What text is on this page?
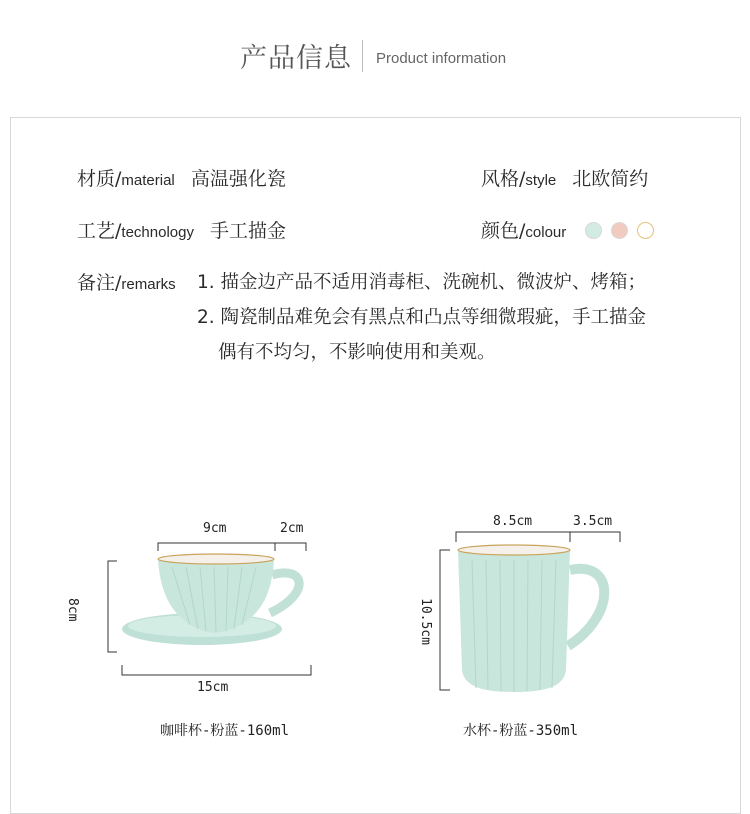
产品信息 Product information
材质/material 高温强化瓷	风格/style 北欧简约
工艺/technology 手工描金	颜色/colour
备注/remarks 1. 描金边产品不适用消毒柜、洗碗机、微波炉、烤箱；
2. 陶瓷制品难免会有黑点和凸点等细微瑕疵，手工描金
偶有不均匀，不影响使用和美观。
9cm	2cm
8cm
15cm
咖啡杯-粉蓝-160ml
8.5cm	3.5cm
10.5cm
水杯-粉蓝-350ml
